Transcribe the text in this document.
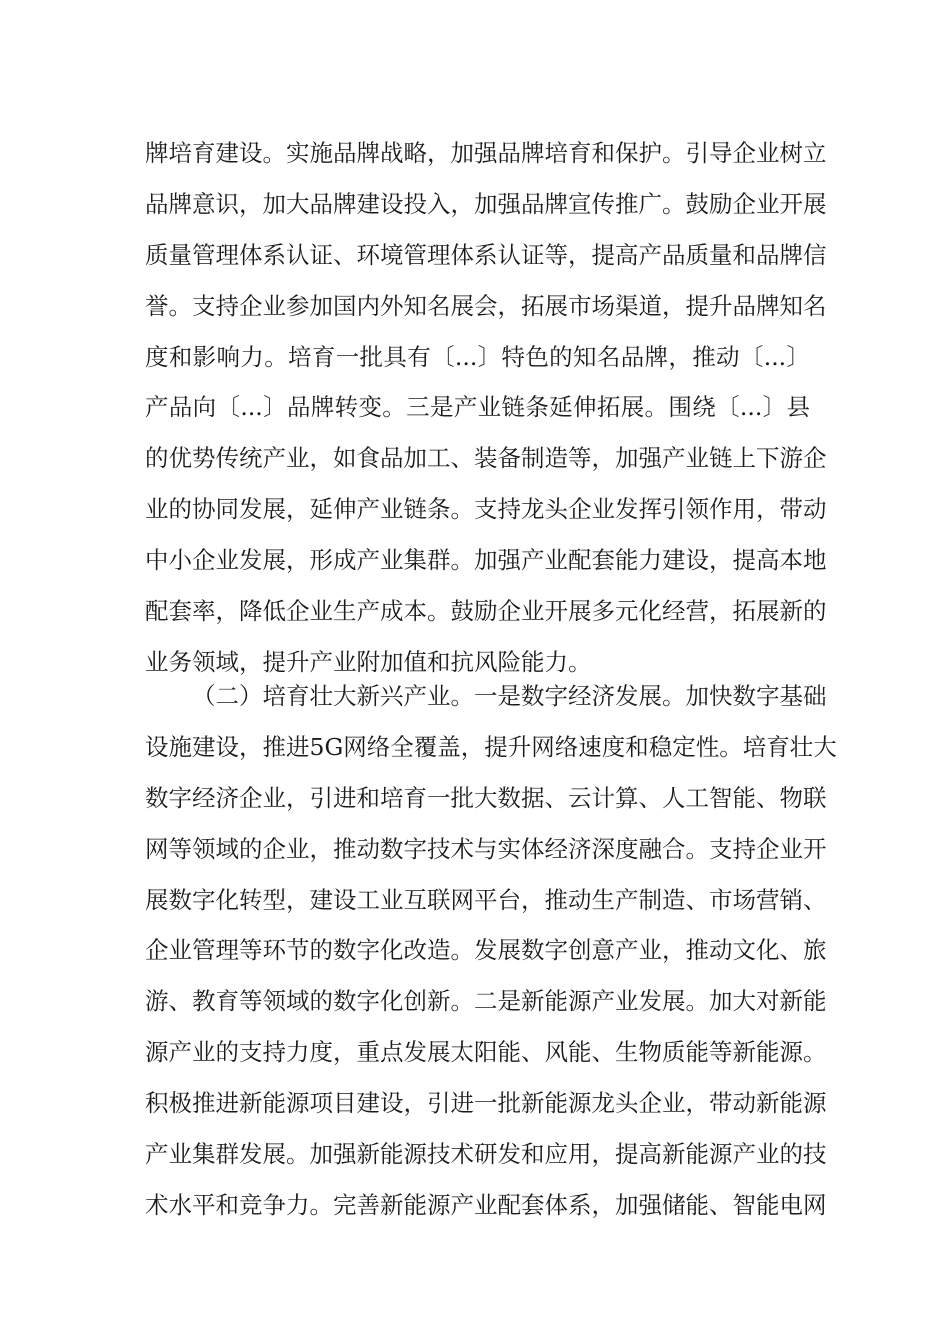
牌培育建设。实施品牌战略，加强品牌培育和保护。引导企业树立
品牌意识，加大品牌建设投入，加强品牌宣传推广。鼓励企业开展
质量管理体系认证、环境管理体系认证等，提高产品质量和品牌信
誉。支持企业参加国内外知名展会，拓展市场渠道，提升品牌知名
度和影响力。培育一批具有〔...〕特色的知名品牌，推动〔...〕
产品向〔...〕品牌转变。三是产业链条延伸拓展。围绕〔...〕县
的优势传统产业，如食品加工、装备制造等，加强产业链上下游企
业的协同发展，延伸产业链条。支持龙头企业发挥引领作用，带动
中小企业发展，形成产业集群。加强产业配套能力建设，提高本地
配套率，降低企业生产成本。鼓励企业开展多元化经营，拓展新的
业务领域，提升产业附加值和抗风险能力。
（二）培育壮大新兴产业。一是数字经济发展。加快数字基础
设施建设，推进5G网络全覆盖，提升网络速度和稳定性。培育壮大
数字经济企业，引进和培育一批大数据、云计算、人工智能、物联
网等领域的企业，推动数字技术与实体经济深度融合。支持企业开
展数字化转型，建设工业互联网平台，推动生产制造、市场营销、
企业管理等环节的数字化改造。发展数字创意产业，推动文化、旅
游、教育等领域的数字化创新。二是新能源产业发展。加大对新能
源产业的支持力度，重点发展太阳能、风能、生物质能等新能源。
积极推进新能源项目建设，引进一批新能源龙头企业，带动新能源
产业集群发展。加强新能源技术研发和应用，提高新能源产业的技
术水平和竞争力。完善新能源产业配套体系，加强储能、智能电网
